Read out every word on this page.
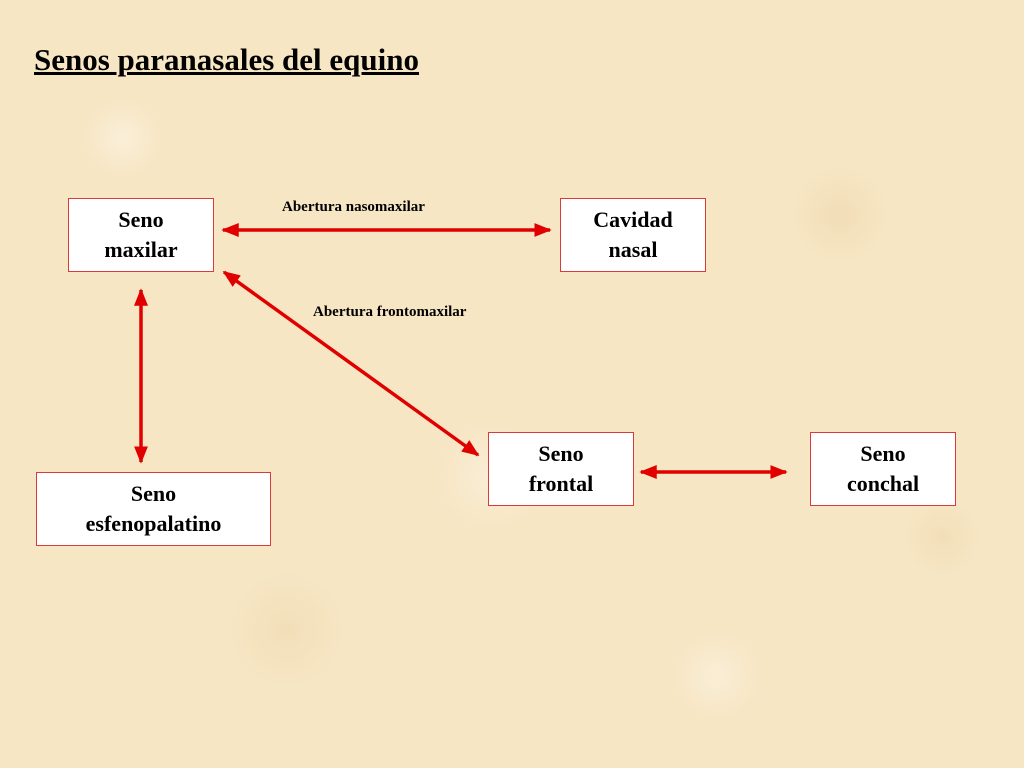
Senos paranasales del equino
Abertura nasomaxilar
Abertura frontomaxilar
Seno
maxilar
Cavidad
nasal
Seno
esfenopalatino
Seno
frontal
Seno
conchal
